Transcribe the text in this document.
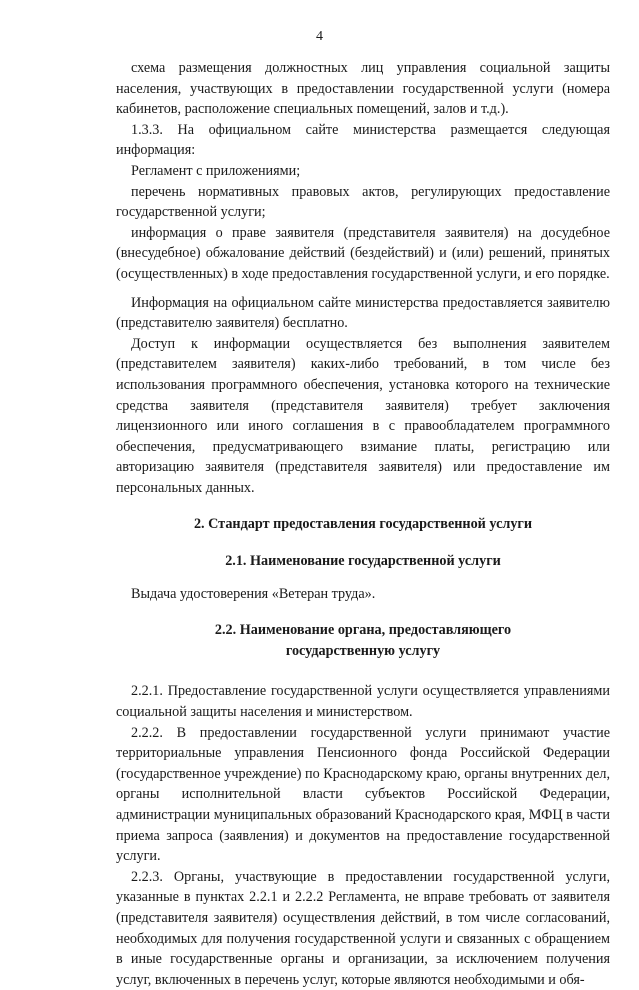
4

схема размещения должностных лиц управления социальной защиты населения, участвующих в предоставлении государственной услуги (номера кабинетов, расположение специальных помещений, залов и т.д.).

1.3.3. На официальном сайте министерства размещается следующая информация:

Регламент с приложениями;

перечень нормативных правовых актов, регулирующих предоставление государственной услуги;

информация о праве заявителя (представителя заявителя) на досудебное (внесудебное) обжалование действий (бездействий) и (или) решений, принятых (осуществленных) в ходе предоставления государственной услуги, и его порядке.

Информация на официальном сайте министерства предоставляется заявителю (представителю заявителя) бесплатно.

Доступ к информации осуществляется без выполнения заявителем (представителем заявителя) каких-либо требований, в том числе без использования программного обеспечения, установка которого на технические средства заявителя (представителя заявителя) требует заключения лицензионного или иного соглашения в с правообладателем программного обеспечения, предусматривающего взимание платы, регистрацию или авторизацию заявителя (представителя заявителя) или предоставление им персональных данных.

2. Стандарт предоставления государственной услуги

2.1. Наименование государственной услуги

Выдача удостоверения «Ветеран труда».

2.2. Наименование органа, предоставляющего

государственную услугу

2.2.1. Предоставление государственной услуги осуществляется управлениями социальной защиты населения и министерством.

2.2.2. В предоставлении государственной услуги принимают участие территориальные управления Пенсионного фонда Российской Федерации (государственное учреждение) по Краснодарскому краю, органы внутренних дел, органы исполнительной власти субъектов Российской Федерации, администрации муниципальных образований Краснодарского края, МФЦ в части приема запроса (заявления) и документов на предоставление государственной услуги.

2.2.3. Органы, участвующие в предоставлении государственной услуги, указанные в пунктах 2.2.1 и 2.2.2 Регламента, не вправе требовать от заявителя (представителя заявителя) осуществления действий, в том числе согласований, необходимых для получения государственной услуги и связанных с обращением в иные государственные органы и организации, за исключением получения услуг, включенных в перечень услуг, которые являются необходимыми и обя-
